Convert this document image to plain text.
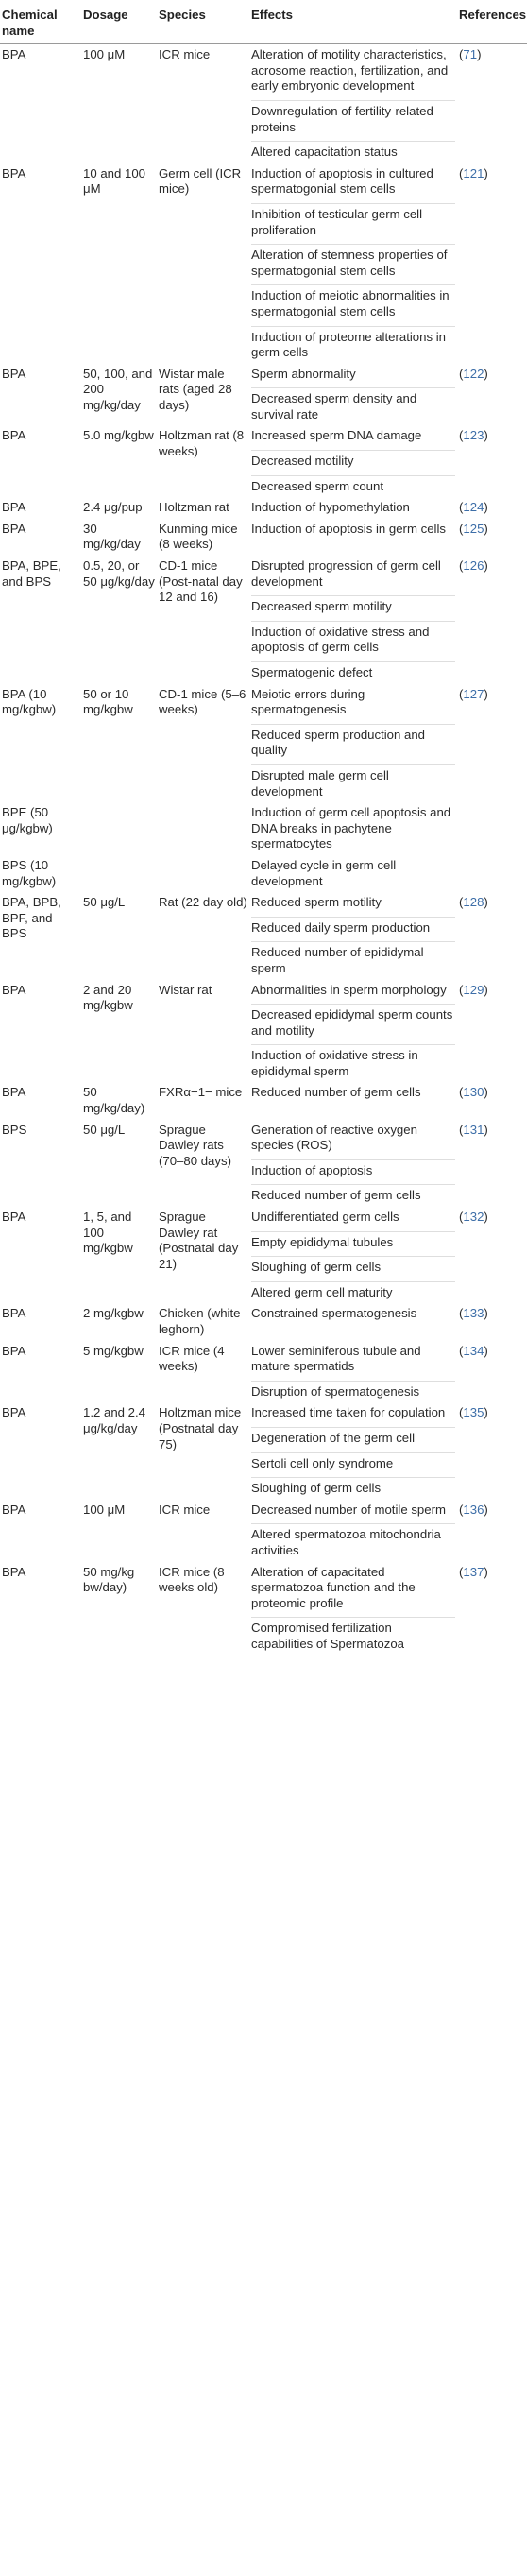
Chemical name	Dosage	Species	Effects	References
BPA	100 μM	ICR mice	Alteration of motility characteristics, acrosome reaction, fertilization, and early embryonic development
Downregulation of fertility-related proteins
Altered capacitation status	(71)
BPA	10 and 100 μM	Germ cell (ICR mice)	Induction of apoptosis in cultured spermatogonial stem cells
Inhibition of testicular germ cell proliferation
Alteration of stemness properties of spermatogonial stem cells
Induction of meiotic abnormalities in spermatogonial stem cells
Induction of proteome alterations in germ cells	(121)
BPA	50, 100, and 200 mg/kg/day	Wistar male rats (aged 28 days)	Sperm abnormality
Decreased sperm density and survival rate	(122)
BPA	5.0 mg/kgbw	Holtzman rat (8 weeks)	Increased sperm DNA damage
Decreased motility
Decreased sperm count	(123)
BPA	2.4 μg/pup	Holtzman rat	Induction of hypomethylation	(124)
BPA	30 mg/kg/day	Kunming mice (8 weeks)	Induction of apoptosis in germ cells	(125)
BPA, BPE, and BPS	0.5, 20, or 50 μg/kg/day	CD-1 mice (Post-natal day 12 and 16)	Disrupted progression of germ cell development
Decreased sperm motility
Induction of oxidative stress and apoptosis of germ cells
Spermatogenic defect	(126)
BPA (10 mg/kgbw)	50 or 10 mg/kgbw	CD-1 mice (5–6 weeks)	Meiotic errors during spermatogenesis
Reduced sperm production and quality
Disrupted male germ cell development	(127)
BPE (50 μg/kgbw)			Induction of germ cell apoptosis and DNA breaks in pachytene spermatocytes	

BPS (10 mg/kgbw)			Delayed cycle in germ cell development	

BPA, BPB, BPF, and BPS	50 μg/L	Rat (22 day old)	Reduced sperm motility
Reduced daily sperm production
Reduced number of epididymal sperm	(128)
BPA	2 and 20 mg/kgbw	Wistar rat	Abnormalities in sperm morphology
Decreased epididymal sperm counts and motility
Induction of oxidative stress in epididymal sperm	(129)
BPA	50 mg/kg/day)	FXRα−1− mice	Reduced number of germ cells	(130)
BPS	50 μg/L	Sprague Dawley rats (70–80 days)	Generation of reactive oxygen species (ROS)
Induction of apoptosis
Reduced number of germ cells	(131)
BPA	1, 5, and 100 mg/kgbw	Sprague Dawley rat (Postnatal day 21)	Undifferentiated germ cells
Empty epididymal tubules
Sloughing of germ cells
Altered germ cell maturity	(132)
BPA	2 mg/kgbw	Chicken (white leghorn)	Constrained spermatogenesis	(133)
BPA	5 mg/kgbw	ICR mice (4 weeks)	Lower seminiferous tubule and mature spermatids
Disruption of spermatogenesis	(134)
BPA	1.2 and 2.4 μg/kg/day	Holtzman mice (Postnatal day 75)	Increased time taken for copulation
Degeneration of the germ cell
Sertoli cell only syndrome
Sloughing of germ cells	(135)
BPA	100 μM	ICR mice	Decreased number of motile sperm
Altered spermatozoa mitochondria activities	(136)
BPA	50 mg/kg bw/day)	ICR mice (8 weeks old)	Alteration of capacitated spermatozoa function and the proteomic profile
Compromised fertilization capabilities of Spermatozoa	(137)
